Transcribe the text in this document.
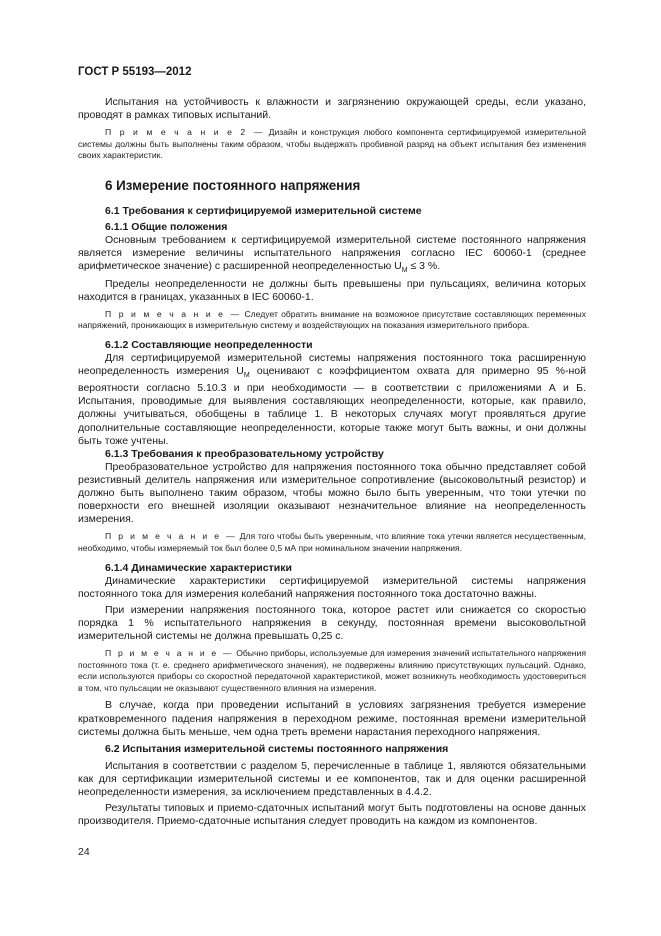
ГОСТ Р 55193—2012

Испытания на устойчивость к влажности и загрязнению окружающей среды, если указано, проводят в рамках типовых испытаний.

П р и м е ч а н и е 2 — Дизайн и конструкция любого компонента сертифицируемой измерительной системы должны быть выполнены таким образом, чтобы выдержать пробивной разряд на объект испытания без изменения своих характеристик.

6 Измерение постоянного напряжения
6.1 Требования к сертифицируемой измерительной системе
6.1.1 Общие положения

Основным требованием к сертифицируемой измерительной системе постоянного напряжения является измерение величины испытательного напряжения согласно IEC 60060-1 (среднее арифметическое значение) с расширенной неопределенностью $U_M \le 3$ %.

Пределы неопределенности не должны быть превышены при пульсациях, величина которых находится в границах, указанных в IEC 60060-1.

П р и м е ч а н и е — Следует обратить внимание на возможное присутствие составляющих переменных напряжений, проникающих в измерительную систему и воздействующих на показания измерительного прибора.

6.1.2 Составляющие неопределенности

Для сертифицируемой измерительной системы напряжения постоянного тока расширенную неопределенность измерения $U_M$ оценивают с коэффициентом охвата для примерно 95 %-ной вероятности согласно 5.10.3 и при необходимости — в соответствии с приложениями А и Б. Испытания, проводимые для выявления составляющих неопределенности, которые, как правило, должны учитываться, обобщены в таблице 1. В некоторых случаях могут проявляться другие дополнительные составляющие неопределенности, которые также могут быть важны, и они должны быть тоже учтены.

6.1.3 Требования к преобразовательному устройству

Преобразовательное устройство для напряжения постоянного тока обычно представляет собой резистивный делитель напряжения или измерительное сопротивление (высоковольтный резистор) и должно быть выполнено таким образом, чтобы можно было быть уверенным, что токи утечки по поверхности его внешней изоляции оказывают незначительное влияние на неопределенность измерения.

П р и м е ч а н и е — Для того чтобы быть уверенным, что влияние тока утечки является несущественным, необходимо, чтобы измеряемый ток был более 0,5 мА при номинальном значении напряжения.

6.1.4 Динамические характеристики

Динамические характеристики сертифицируемой измерительной системы напряжения постоянного тока для измерения колебаний напряжения постоянного тока достаточно важны.

При измерении напряжения постоянного тока, которое растет или снижается со скоростью порядка 1 % испытательного напряжения в секунду, постоянная времени высоковольтной измерительной системы не должна превышать 0,25 с.

П р и м е ч а н и е — Обычно приборы, используемые для измерения значений испытательного напряжения постоянного тока (т. е. среднего арифметического значения), не подвержены влиянию присутствующих пульсаций. Однако, если используются приборы со скоростной передаточной характеристикой, может возникнуть необходимость удостовериться в том, что пульсации не оказывают существенного влияния на измерения.

В случае, когда при проведении испытаний в условиях загрязнения требуется измерение кратковременного падения напряжения в переходном режиме, постоянная времени измерительной системы должна быть меньше, чем одна треть времени нарастания переходного напряжения.

6.2 Испытания измерительной системы постоянного напряжения

Испытания в соответствии с разделом 5, перечисленные в таблице 1, являются обязательными как для сертификации измерительной системы и ее компонентов, так и для оценки расширенной неопределенности измерения, за исключением представленных в 4.4.2.

Результаты типовых и приемо-сдаточных испытаний могут быть подготовлены на основе данных производителя. Приемо-сдаточные испытания следует проводить на каждом из компонентов.

24
